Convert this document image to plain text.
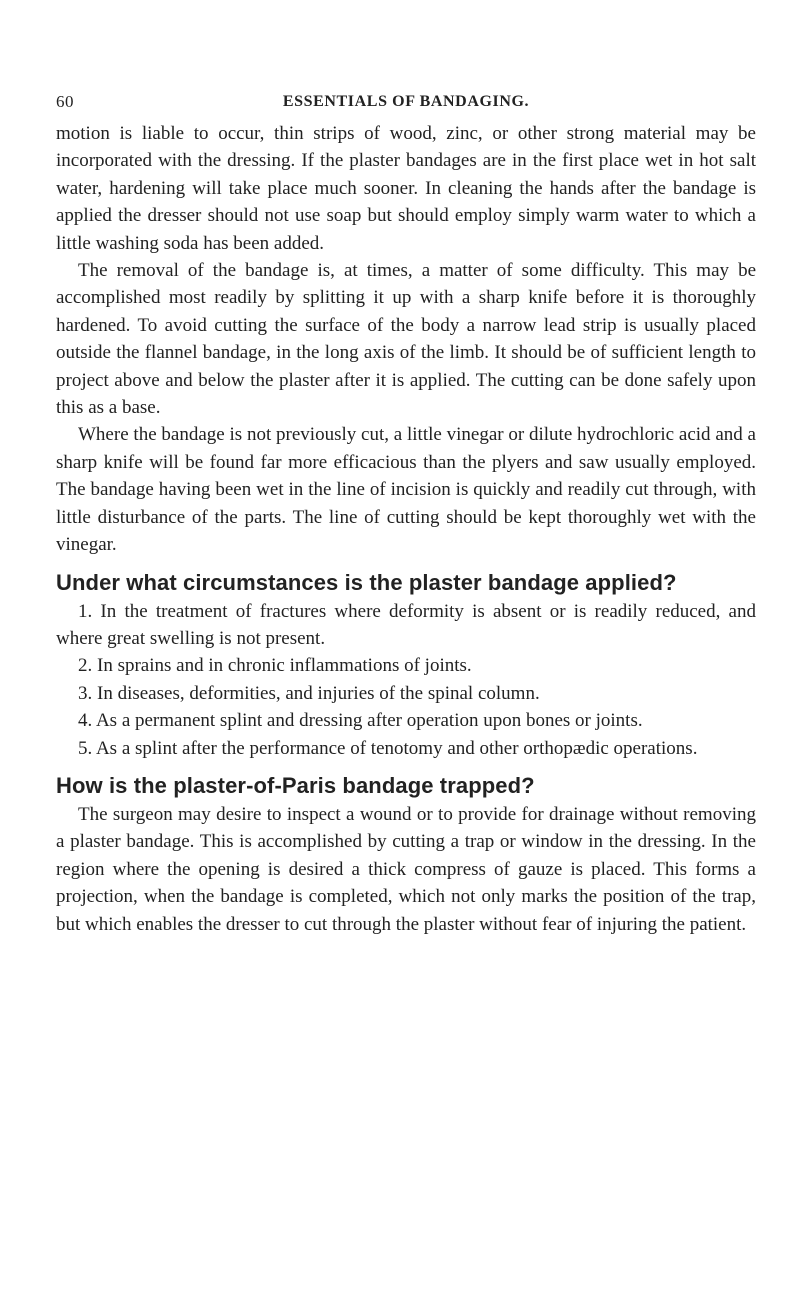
60	ESSENTIALS OF BANDAGING.

motion is liable to occur, thin strips of wood, zinc, or other strong material may be incorporated with the dressing. If the plaster bandages are in the first place wet in hot salt water, hardening will take place much sooner. In cleaning the hands after the bandage is applied the dresser should not use soap but should employ simply warm water to which a little washing soda has been added.

The removal of the bandage is, at times, a matter of some difficulty. This may be accomplished most readily by splitting it up with a sharp knife before it is thoroughly hardened. To avoid cutting the surface of the body a narrow lead strip is usually placed outside the flannel bandage, in the long axis of the limb. It should be of sufficient length to project above and below the plaster after it is applied. The cutting can be done safely upon this as a base.

Where the bandage is not previously cut, a little vinegar or dilute hydrochloric acid and a sharp knife will be found far more efficacious than the plyers and saw usually employed. The bandage having been wet in the line of incision is quickly and readily cut through, with little disturbance of the parts. The line of cutting should be kept thoroughly wet with the vinegar.

Under what circumstances is the plaster bandage applied?
1. In the treatment of fractures where deformity is absent or is readily reduced, and where great swelling is not present.
2. In sprains and in chronic inflammations of joints.
3. In diseases, deformities, and injuries of the spinal column.
4. As a permanent splint and dressing after operation upon bones or joints.
5. As a splint after the performance of tenotomy and other orthopædic operations.
How is the plaster-of-Paris bandage trapped?

The surgeon may desire to inspect a wound or to provide for drainage without removing a plaster bandage. This is accomplished by cutting a trap or window in the dressing. In the region where the opening is desired a thick compress of gauze is placed. This forms a projection, when the bandage is completed, which not only marks the position of the trap, but which enables the dresser to cut through the plaster without fear of injuring the patient.
